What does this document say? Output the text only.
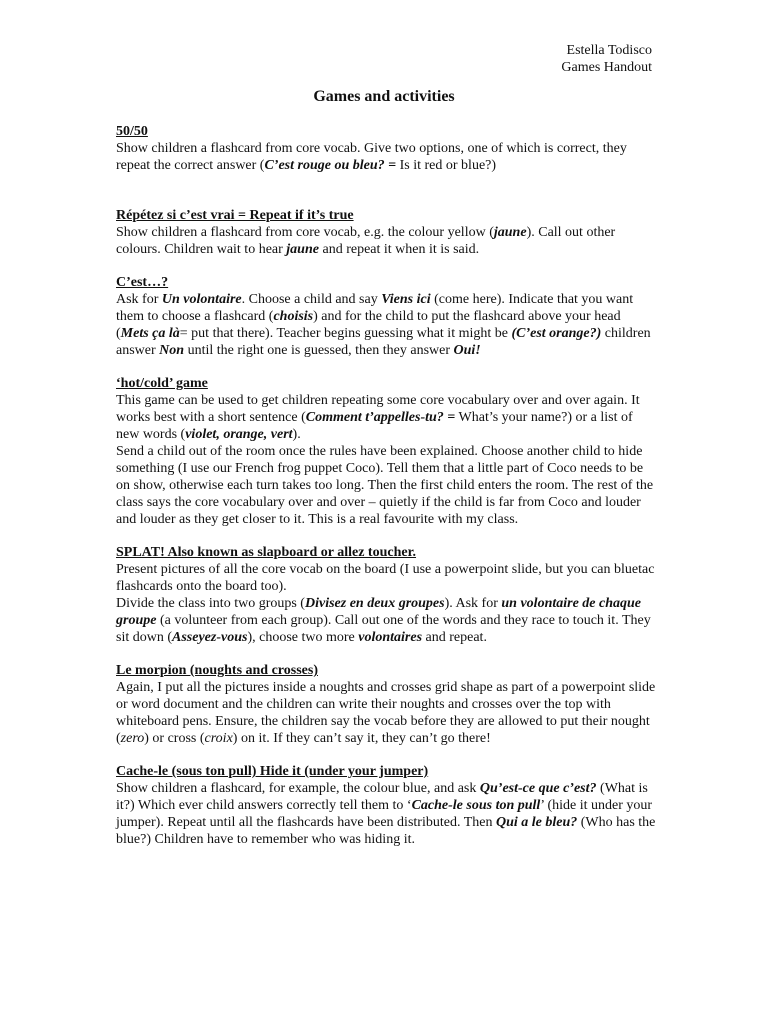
Estella Todisco
Games Handout
Games and activities
50/50

Show children a flashcard from core vocab. Give two options, one of which is correct, they repeat the correct answer (C’est rouge ou bleu? = Is it red or blue?)

Répétez si c’est vrai = Repeat if it’s true

Show children a flashcard from core vocab, e.g. the colour yellow (jaune). Call out other colours. Children wait to hear jaune and repeat it when it is said.

C’est…?

Ask for Un volontaire. Choose a child and say Viens ici (come here). Indicate that you want them to choose a flashcard (choisis) and for the child to put the flashcard above your head (Mets ça là= put that there). Teacher begins guessing what it might be (C’est orange?) children answer Non until the right one is guessed, then they answer Oui!

‘hot/cold’ game

This game can be used to get children repeating some core vocabulary over and over again. It works best with a short sentence (Comment t’appelles-tu? = What’s your name?) or a list of new words (violet, orange, vert).

Send a child out of the room once the rules have been explained. Choose another child to hide something (I use our French frog puppet Coco). Tell them that a little part of Coco needs to be on show, otherwise each turn takes too long. Then the first child enters the room. The rest of the class says the core vocabulary over and over – quietly if the child is far from Coco and louder and louder as they get closer to it. This is a real favourite with my class.

SPLAT! Also known as slapboard or allez toucher.

Present pictures of all the core vocab on the board (I use a powerpoint slide, but you can bluetac flashcards onto the board too).

Divide the class into two groups (Divisez en deux groupes). Ask for un volontaire de chaque groupe (a volunteer from each group). Call out one of the words and they race to touch it. They sit down (Asseyez-vous), choose two more volontaires and repeat.

Le morpion (noughts and crosses)

Again, I put all the pictures inside a noughts and crosses grid shape as part of a powerpoint slide or word document and the children can write their noughts and crosses over the top with whiteboard pens. Ensure, the children say the vocab before they are allowed to put their nought (zero) or cross (croix) on it. If they can’t say it, they can’t go there!

Cache-le (sous ton pull) Hide it (under your jumper)

Show children a flashcard, for example, the colour blue, and ask Qu’est-ce que c’est? (What is it?) Which ever child answers correctly tell them to ‘Cache-le sous ton pull’ (hide it under your jumper). Repeat until all the flashcards have been distributed. Then Qui a le bleu? (Who has the blue?) Children have to remember who was hiding it.
